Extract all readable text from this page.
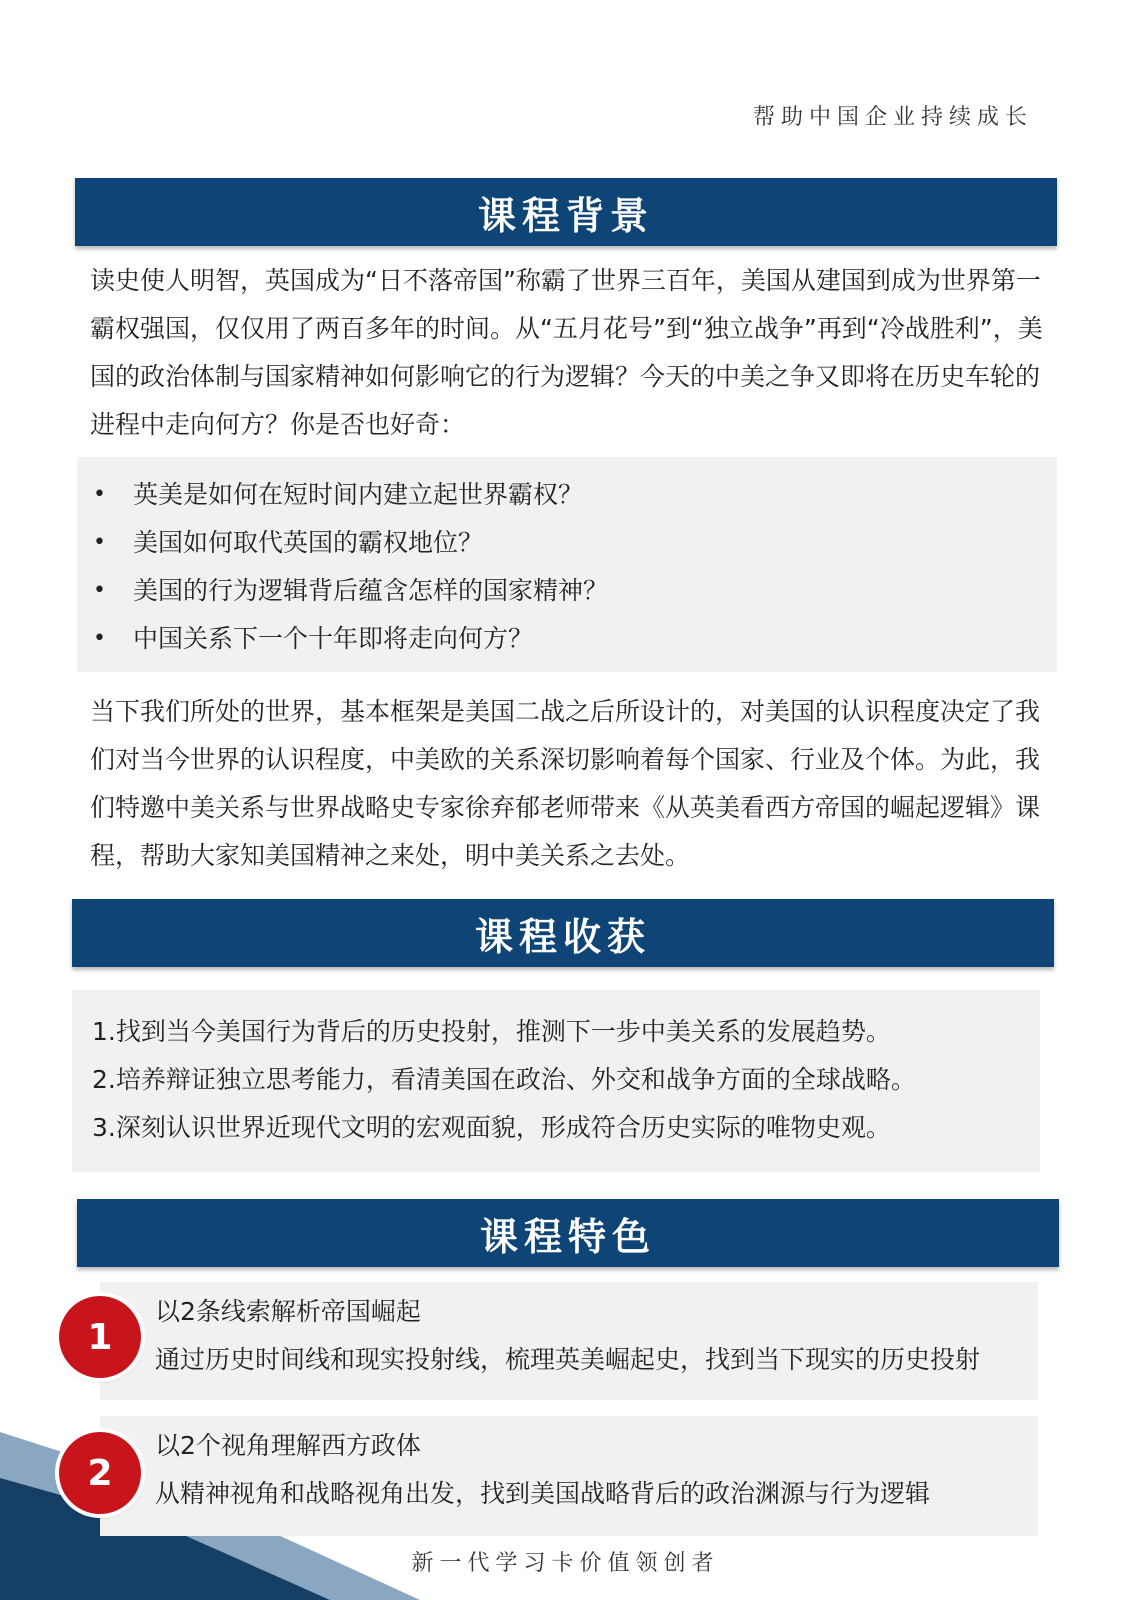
帮助中国企业持续成长
课程背景
读史使人明智，英国成为“日不落帝国”称霸了世界三百年，美国从建国到成为世界第一霸权强国，仅仅用了两百多年的时间。从“五月花号”到“独立战争”再到“冷战胜利”，美国的政治体制与国家精神如何影响它的行为逻辑？今天的中美之争又即将在历史车轮的进程中走向何方？你是否也好奇：
• 英美是如何在短时间内建立起世界霸权？
• 美国如何取代英国的霸权地位？
• 美国的行为逻辑背后蕴含怎样的国家精神？
• 中国关系下一个十年即将走向何方？
当下我们所处的世界，基本框架是美国二战之后所设计的，对美国的认识程度决定了我们对当今世界的认识程度，中美欧的关系深切影响着每个国家、行业及个体。为此，我们特邀中美关系与世界战略史专家徐弃郁老师带来《从英美看西方帝国的崛起逻辑》课程，帮助大家知美国精神之来处，明中美关系之去处。
课程收获
1.找到当今美国行为背后的历史投射，推测下一步中美关系的发展趋势。
2.培养辩证独立思考能力，看清美国在政治、外交和战争方面的全球战略。
3.深刻认识世界近现代文明的宏观面貌，形成符合历史实际的唯物史观。
课程特色
以2条线索解析帝国崛起
通过历史时间线和现实投射线，梳理英美崛起史，找到当下现实的历史投射
1
以2个视角理解西方政体
从精神视角和战略视角出发，找到美国战略背后的政治渊源与行为逻辑
2
新一代学习卡价值领创者
